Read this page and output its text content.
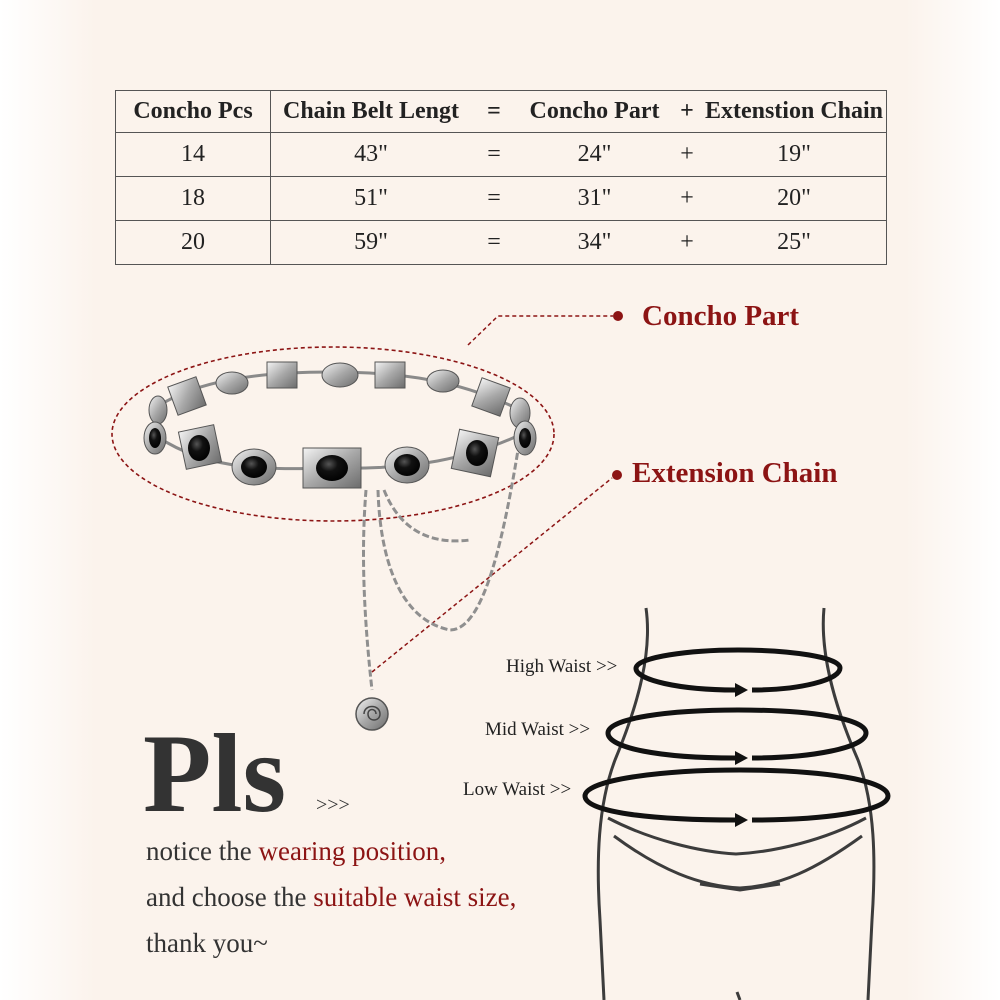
Concho Pcs	Chain Belt Lengt = Concho Part + Extenstion Chain

14	43" = 24" + 19"

18	51" = 31" + 20"

20	59" = 34" + 25"
Concho Part
Extension Chain
High Waist >>
Mid Waist >>
Low Waist >>
Pls >>>
notice the wearing position,
and choose the suitable waist size,
thank you~
